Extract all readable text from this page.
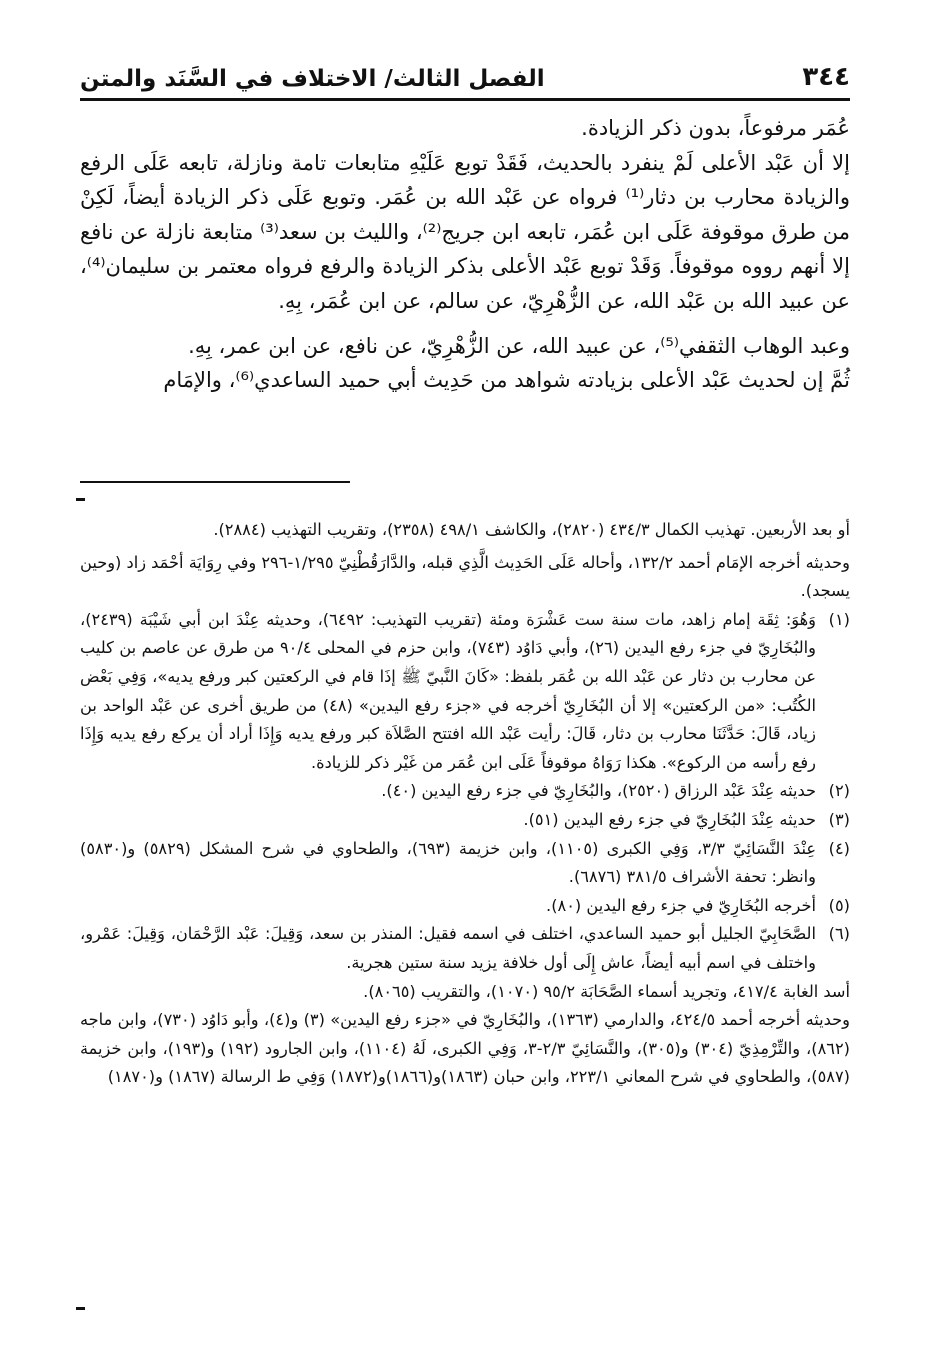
٣٤٤
الفصل الثالث/ الاختلاف في السَّنَد والمتن

عُمَر مرفوعاً، بدون ذكر الزيادة.

إلا أن عَبْد الأعلى لَمْ ينفرد بالحديث، فَقَدْ توبع عَلَيْهِ متابعات تامة ونازلة، تابعه عَلَى الرفع والزيادة محارب بن دثار⁽¹⁾ فرواه عن عَبْد الله بن عُمَر. وتوبع عَلَى ذكر الزيادة أيضاً، لَكِنْ من طرق موقوفة عَلَى ابن عُمَر، تابعه ابن جريج⁽²⁾، والليث بن سعد⁽³⁾ متابعة نازلة عن نافع إلا أنهم رووه موقوفاً. وَقَدْ توبع عَبْد الأعلى بذكر الزيادة والرفع فرواه معتمر بن سليمان⁽⁴⁾، عن عبيد الله بن عَبْد الله، عن الزُّهْرِيّ، عن سالم، عن ابن عُمَر، بِهِ.

وعبد الوهاب الثقفي⁽⁵⁾، عن عبيد الله، عن الزُّهْرِيّ، عن نافع، عن ابن عمر، بِهِ.

ثُمَّ إن لحديث عَبْد الأعلى بزيادته شواهد من حَدِيث أبي حميد الساعدي⁽⁶⁾، والإمَام

أو بعد الأربعين. تهذيب الكمال ٤٣٤/٣ (٢٨٢٠)، والكاشف ٤٩٨/١ (٢٣٥٨)، وتقريب التهذيب (٢٨٨٤).
وحديثه أخرجه الإمَام أحمد ١٣٢/٢، وأحاله عَلَى الحَدِيث الَّذِي قبله، والدَّارَقُطْنِيّ ١/٢٩٥-٢٩٦ وفي رِوَايَة أحْمَد زاد (وحين يسجد).
(١)
وَهُوَ: ثِقَة إمام زاهد، مات سنة ست عَشْرَة ومئة (تقريب التهذيب: ٦٤٩٢)، وحديثه عِنْدَ ابن أبي شَيْبَة (٢٤٣٩)، والبُخَارِيّ في جزء رفع اليدين (٢٦)، وأبي دَاوُد (٧٤٣)، وابن حزم في المحلى ٩٠/٤ من طرق عن عاصم بن كليب عن محارب بن دثار عن عَبْد الله بن عُمَر بلفظ: «كَانَ النَّبيّ ﷺ إذَا قام في الركعتين كبر ورفع يديه»، وَفِي بَعْض الكُتُب: «من الركعتين» إلا أن البُخَارِيّ أخرجه في «جزء رفع اليدين» (٤٨) من طريق أخرى عن عَبْد الواحد بن زياد، قَالَ: حَدَّثَنَا محارب بن دثار، قَالَ: رأيت عَبْد الله افتتح الصَّلاَة كبر ورفع يديه وَإِذَا أراد أن يركع رفع يديه وَإِذَا رفع رأسه من الركوع». هكذا رَوَاهُ موقوفاً عَلَى ابن عُمَر من غَيْر ذكر للزيادة.
(٢)
حديثه عِنْدَ عَبْد الرزاق (٢٥٢٠)، والبُخَارِيّ في جزء رفع اليدين (٤٠).
(٣)
حديثه عِنْدَ البُخَارِيّ في جزء رفع اليدين (٥١).
(٤)
عِنْدَ النَّسَائِيّ ٣/٣، وَفِي الكبرى (١١٠٥)، وابن خزيمة (٦٩٣)، والطحاوي في شرح المشكل (٥٨٢٩) و(٥٨٣٠) وانظر: تحفة الأشراف ٣٨١/٥ (٦٨٧٦).
(٥)
أخرجه البُخَارِيّ في جزء رفع اليدين (٨٠).
(٦)
الصَّحَابِيّ الجليل أبو حميد الساعدي، اختلف في اسمه فقيل: المنذر بن سعد، وَقِيلَ: عَبْد الرَّحْمَان، وَقِيلَ: عَمْرو، واختلف في اسم أبيه أيضاً، عاش إِلَى أول خلافة يزيد سنة ستين هجرية.
أسد الغابة ٤١٧/٤، وتجريد أسماء الصَّحَابَة ٩٥/٢ (١٠٧٠)، والتقريب (٨٠٦٥).
وحديثه أخرجه أحمد ٤٢٤/٥، والدارمي (١٣٦٣)، والبُخَارِيّ في «جزء رفع اليدين» (٣) و(٤)، وأبو دَاوُد (٧٣٠)، وابن ماجه (٨٦٢)، والتِّرْمِذِيّ (٣٠٤) و(٣٠٥)، والنَّسَائِيّ ٢/٣-٣، وَفِي الكبرى، لَهُ (١١٠٤)، وابن الجارود (١٩٢) و(١٩٣)، وابن خزيمة (٥٨٧)، والطحاوي في شرح المعاني ٢٢٣/١، وابن حبان (١٨٦٣)و(١٨٦٦)و(١٨٧٢) وَفِي ط الرسالة (١٨٦٧) و(١٨٧٠)
